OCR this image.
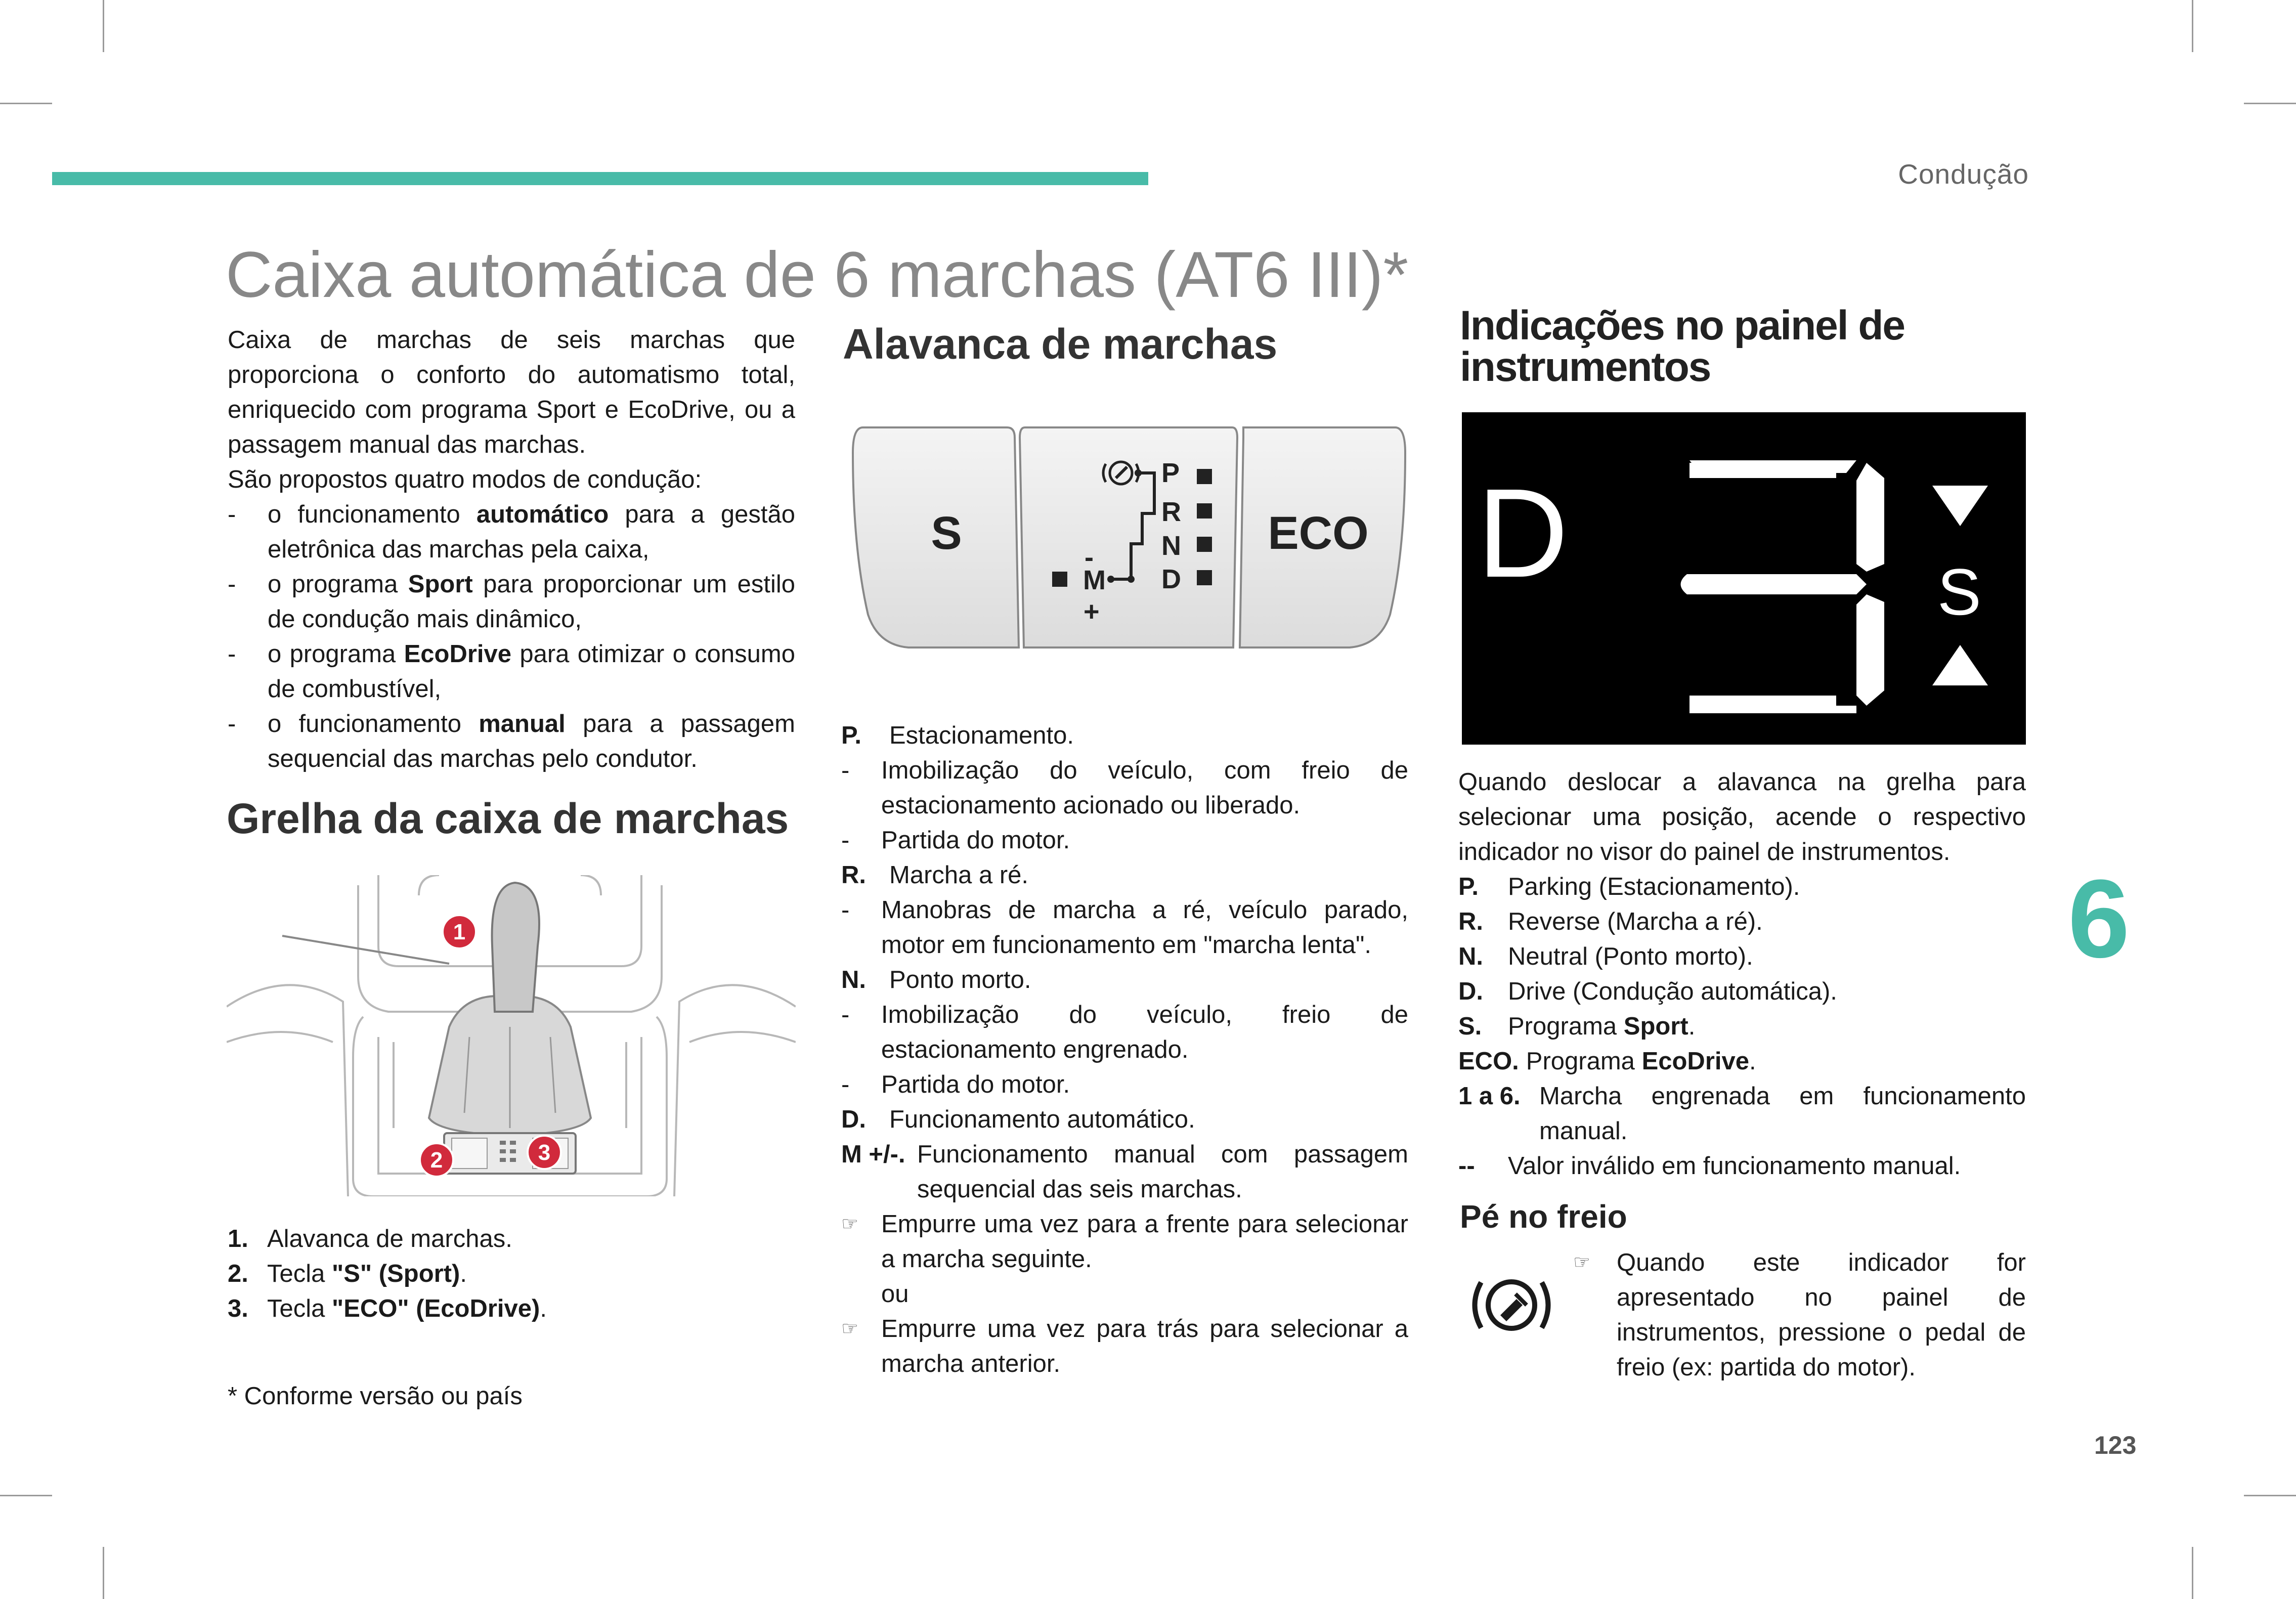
Condução
6
123
Caixa automática de 6 marchas (AT6 III)*
Caixa de marchas de seis marchas que proporciona o conforto do automatismo total, enriquecido com programa Sport e EcoDrive, ou a passagem manual das marchas.
São propostos quatro modos de condução:
- o funcionamento automático para a gestão eletrônica das marchas pela caixa,
- o programa Sport para proporcionar um estilo de condução mais dinâmico,
- o programa EcoDrive para otimizar o consumo de combustível,
- o funcionamento manual para a passagem sequencial das marchas pelo condutor.
Grelha da caixa de marchas
1
2	3
1. Alavanca de marchas.
2. Tecla "S" (Sport).
3. Tecla "ECO" (EcoDrive).
* Conforme versão ou país
Alavanca de marchas
S	ECO
P
R
N
D
-
M
+
P. Estacionamento.
- Imobilização do veículo, com freio de estacionamento acionado ou liberado.
- Partida do motor.
R. Marcha a ré.
- Manobras de marcha a ré, veículo parado, motor em funcionamento em "marcha lenta".
N. Ponto morto.
- Imobilização do veículo, freio de estacionamento engrenado.
- Partida do motor.
D. Funcionamento automático.
M +/-. Funcionamento manual com passagem sequencial das seis marchas.
☞ Empurre uma vez para a frente para selecionar a marcha seguinte.
ou
☞ Empurre uma vez para trás para selecionar a marcha anterior.
Indicações no painel de instrumentos
D	S
Quando deslocar a alavanca na grelha para selecionar uma posição, acende o respectivo indicador no visor do painel de instrumentos.
P. Parking (Estacionamento).
R. Reverse (Marcha a ré).
N. Neutral (Ponto morto).
D. Drive (Condução automática).
S. Programa Sport.
ECO. Programa EcoDrive.
1 a 6. Marcha engrenada em funcionamento manual.
-- Valor inválido em funcionamento manual.
Pé no freio
☞ Quando este indicador for apresentado no painel de instrumentos, pressione o pedal de freio (ex: partida do motor).
